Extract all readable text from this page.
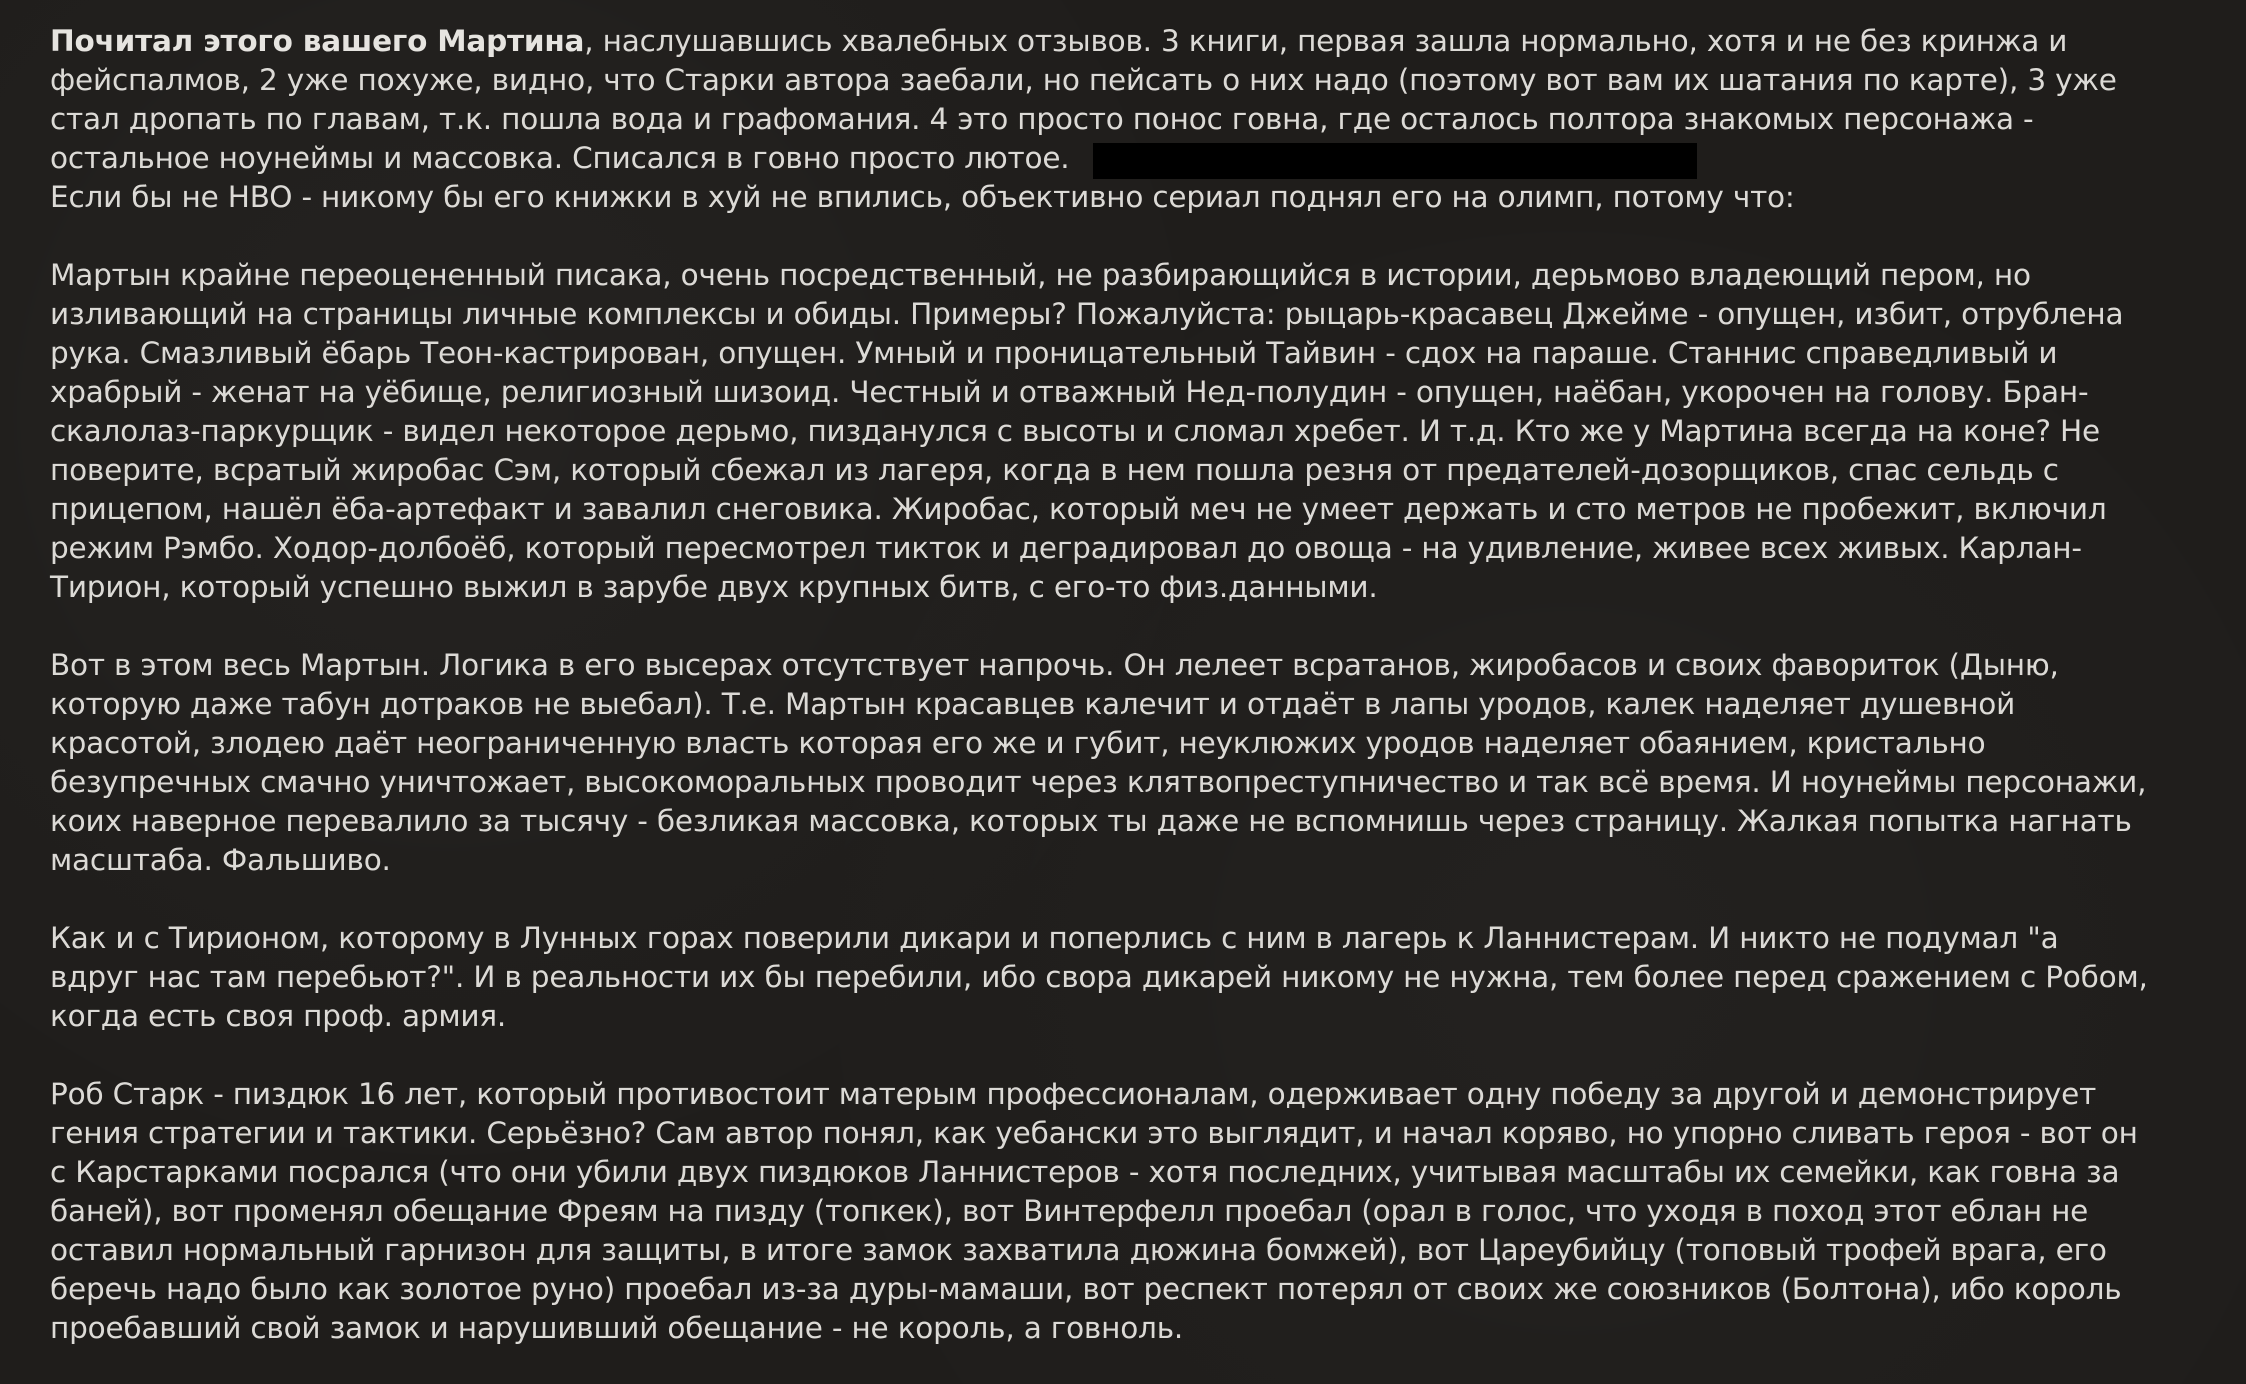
Почитал этого вашего Мартина, наслушавшись хвалебных отзывов. 3 книги, первая зашла нормально, хотя и не без кринжа и
фейспалмов, 2 уже похуже, видно, что Старки автора заебали, но пейсать о них надо (поэтому вот вам их шатания по карте), 3 уже
стал дропать по главам, т.к. пошла вода и графомания. 4 это просто понос говна, где осталось полтора знакомых персонажа -
остальное ноунеймы и массовка. Списался в говно просто лютое.
Если бы не HBO - никому бы его книжки в хуй не впились, объективно сериал поднял его на олимп, потому что:
Мартын крайне переоцененный писака, очень посредственный, не разбирающийся в истории, дерьмово владеющий пером, но
изливающий на страницы личные комплексы и обиды. Примеры? Пожалуйста: рыцарь-красавец Джейме - опущен, избит, отрублена
рука. Смазливый ёбарь Теон-кастрирован, опущен. Умный и проницательный Тайвин - сдох на параше. Станнис справедливый и
храбрый - женат на уёбище, религиозный шизоид. Честный и отважный Нед-полудин - опущен, наёбан, укорочен на голову. Бран-
скалолаз-паркурщик - видел некоторое дерьмо, пизданулся с высоты и сломал хребет. И т.д. Кто же у Мартина всегда на коне? Не
поверите, всратый жиробас Сэм, который сбежал из лагеря, когда в нем пошла резня от предателей-дозорщиков, спас сельдь с
прицепом, нашёл ёба-артефакт и завалил снеговика. Жиробас, который меч не умеет держать и сто метров не пробежит, включил
режим Рэмбо. Ходор-долбоёб, который пересмотрел тикток и деградировал до овоща - на удивление, живее всех живых. Карлан-
Тирион, который успешно выжил в зарубе двух крупных битв, с его-то физ.данными.
Вот в этом весь Мартын. Логика в его высерах отсутствует напрочь. Он лелеет всратанов, жиробасов и своих фавориток (Дыню,
которую даже табун дотраков не выебал). Т.е. Мартын красавцев калечит и отдаёт в лапы уродов, калек наделяет душевной
красотой, злодею даёт неограниченную власть которая его же и губит, неуклюжих уродов наделяет обаянием, кристально
безупречных смачно уничтожает, высокоморальных проводит через клятвопреступничество и так всё время. И ноунеймы персонажи,
коих наверное перевалило за тысячу - безликая массовка, которых ты даже не вспомнишь через страницу. Жалкая попытка нагнать
масштаба. Фальшиво.
Как и с Тирионом, которому в Лунных горах поверили дикари и поперлись с ним в лагерь к Ланнистерам. И никто не подумал "а
вдруг нас там перебьют?". И в реальности их бы перебили, ибо свора дикарей никому не нужна, тем более перед сражением с Робом,
когда есть своя проф. армия.
Роб Старк - пиздюк 16 лет, который противостоит матерым профессионалам, одерживает одну победу за другой и демонстрирует
гения стратегии и тактики. Серьёзно? Сам автор понял, как уебански это выглядит, и начал коряво, но упорно сливать героя - вот он
с Карстарками посрался (что они убили двух пиздюков Ланнистеров - хотя последних, учитывая масштабы их семейки, как говна за
баней), вот променял обещание Фреям на пизду (топкек), вот Винтерфелл проебал (орал в голос, что уходя в поход этот еблан не
оставил нормальный гарнизон для защиты, в итоге замок захватила дюжина бомжей), вот Цареубийцу (топовый трофей врага, его
беречь надо было как золотое руно) проебал из-за дуры-мамаши, вот респект потерял от своих же союзников (Болтона), ибо король
проебавший свой замок и нарушивший обещание - не король, а говноль.
